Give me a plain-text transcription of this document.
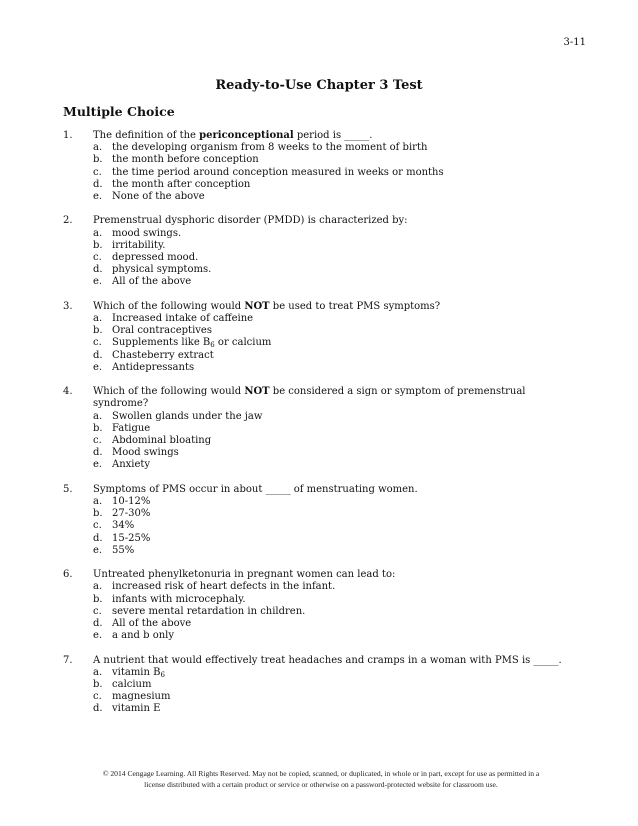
3-11
Ready-to-Use Chapter 3 Test
Multiple Choice
1.	The definition of the periconceptional period is _____.
a. the developing organism from 8 weeks to the moment of birth
b. the month before conception
c.	the time period around conception measured in weeks or months
d. the month after conception
e. None of the above
2.	Premenstrual dysphoric disorder (PMDD) is characterized by:
a. mood swings.
b. irritability.
c.	depressed mood.
d. physical symptoms.
e. All of the above
3.	Which of the following would NOT be used to treat PMS symptoms?
a. Increased intake of caffeine
b. Oral contraceptives
c.	Supplements like $B_6$ or calcium
d. Chasteberry extract
e. Antidepressants
4.	Which of the following would NOT be considered a sign or symptom of premenstrual syndrome?
a. Swollen glands under the jaw
b. Fatigue
c.	Abdominal bloating
d. Mood swings
e. Anxiety
5.	Symptoms of PMS occur in about _____ of menstruating women.
a. 10-12%
b. 27-30%
c.	34%
d. 15-25%
e. 55%
6.	Untreated phenylketonuria in pregnant women can lead to:
a. increased risk of heart defects in the infant.
b. infants with microcephaly.
c.	severe mental retardation in children.
d. All of the above
e. a and b only
7.	A nutrient that would effectively treat headaches and cramps in a woman with PMS is _____.
a. vitamin $B_6$
b. calcium
c.	magnesium
d. vitamin E
© 2014 Cengage Learning. All Rights Reserved. May not be copied, scanned, or duplicated, in whole or in part, except for use as permitted in a
license distributed with a certain product or service or otherwise on a password-protected website for classroom use.
